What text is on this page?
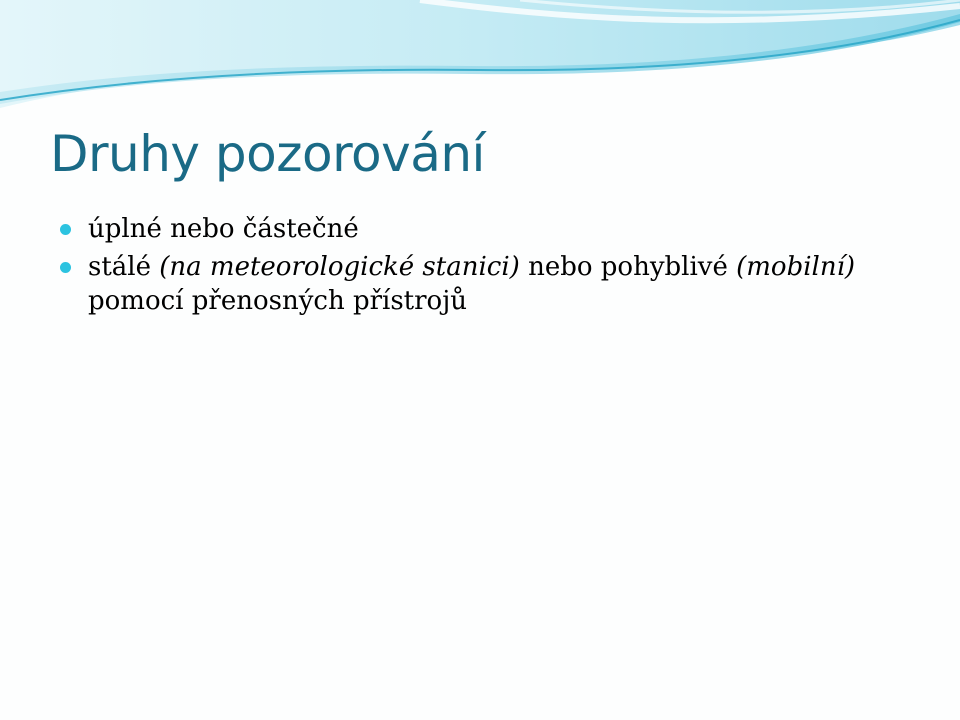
Druhy pozorování
úplné nebo částečné
stálé (na meteorologické stanici) nebo pohyblivé (mobilní) pomocí přenosných přístrojů
